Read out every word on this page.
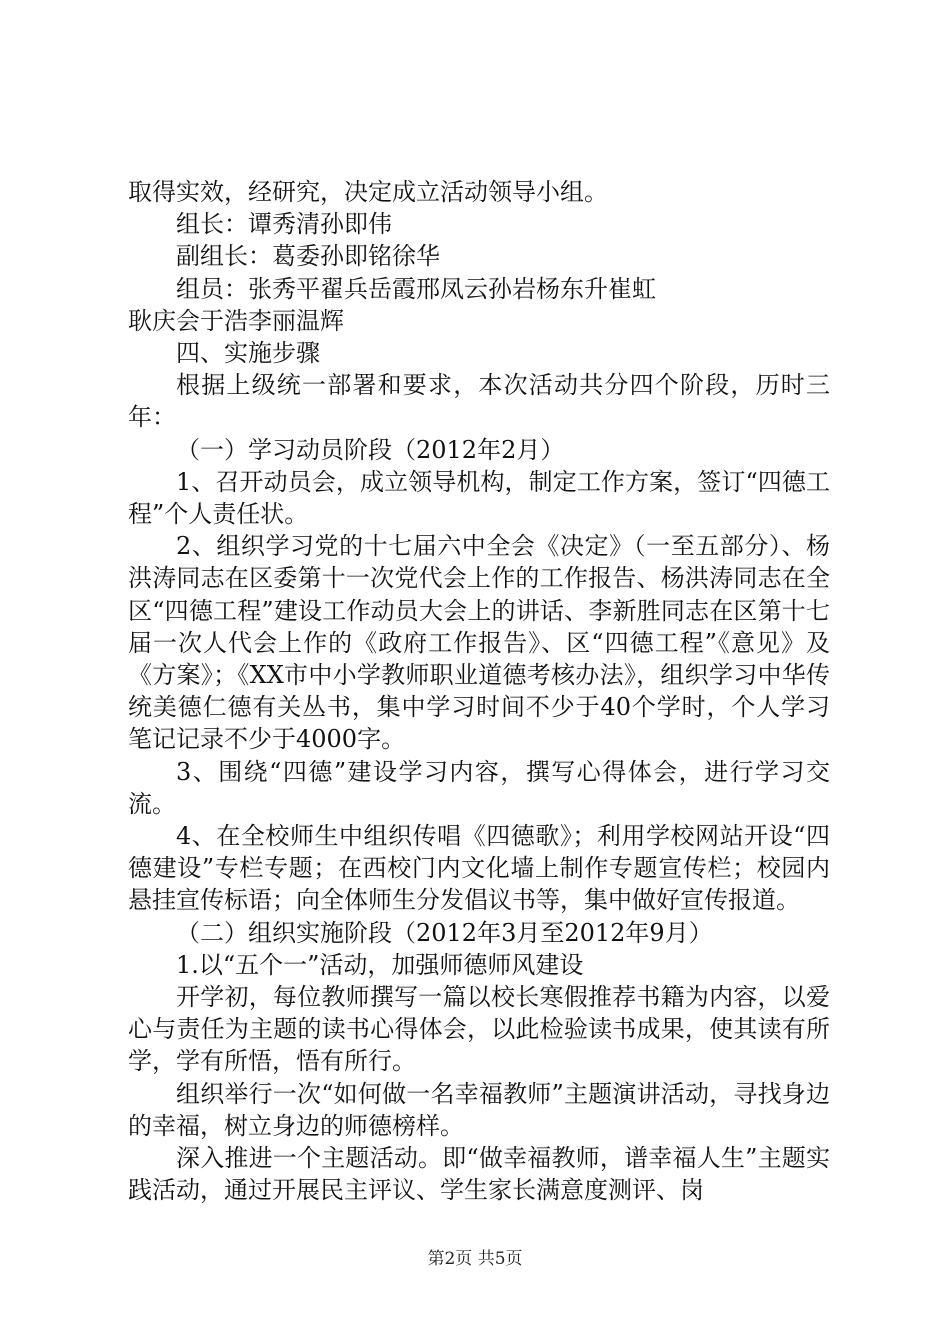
取得实效，经研究，决定成立活动领导小组。

组长：谭秀清孙即伟

副组长：葛委孙即铭徐华

组员：张秀平翟兵岳霞邢凤云孙岩杨东升崔虹

耿庆会于浩李丽温辉

四、实施步骤

根据上级统一部署和要求，本次活动共分四个阶段，历时三年：

（一）学习动员阶段（2012年2月）

1、召开动员会，成立领导机构，制定工作方案，签订“四德工程”个人责任状。

2、组织学习党的十七届六中全会《决定》（一至五部分）、杨洪涛同志在区委第十一次党代会上作的工作报告、杨洪涛同志在全区“四德工程”建设工作动员大会上的讲话、李新胜同志在区第十七届一次人代会上作的《政府工作报告》、区“四德工程”《意见》及《方案》；《XX市中小学教师职业道德考核办法》，组织学习中华传统美德仁德有关丛书，集中学习时间不少于40个学时，个人学习笔记记录不少于4000字。

3、围绕“四德”建设学习内容，撰写心得体会，进行学习交流。

4、在全校师生中组织传唱《四德歌》；利用学校网站开设“四德建设”专栏专题；在西校门内文化墙上制作专题宣传栏；校园内悬挂宣传标语；向全体师生分发倡议书等，集中做好宣传报道。

（二）组织实施阶段（2012年3月至2012年9月）

1.以“五个一”活动，加强师德师风建设

开学初，每位教师撰写一篇以校长寒假推荐书籍为内容，以爱心与责任为主题的读书心得体会，以此检验读书成果，使其读有所学，学有所悟，悟有所行。

组织举行一次“如何做一名幸福教师”主题演讲活动，寻找身边的幸福，树立身边的师德榜样。

深入推进一个主题活动。即“做幸福教师，谱幸福人生”主题实践活动，通过开展民主评议、学生家长满意度测评、岗

第2页 共5页
